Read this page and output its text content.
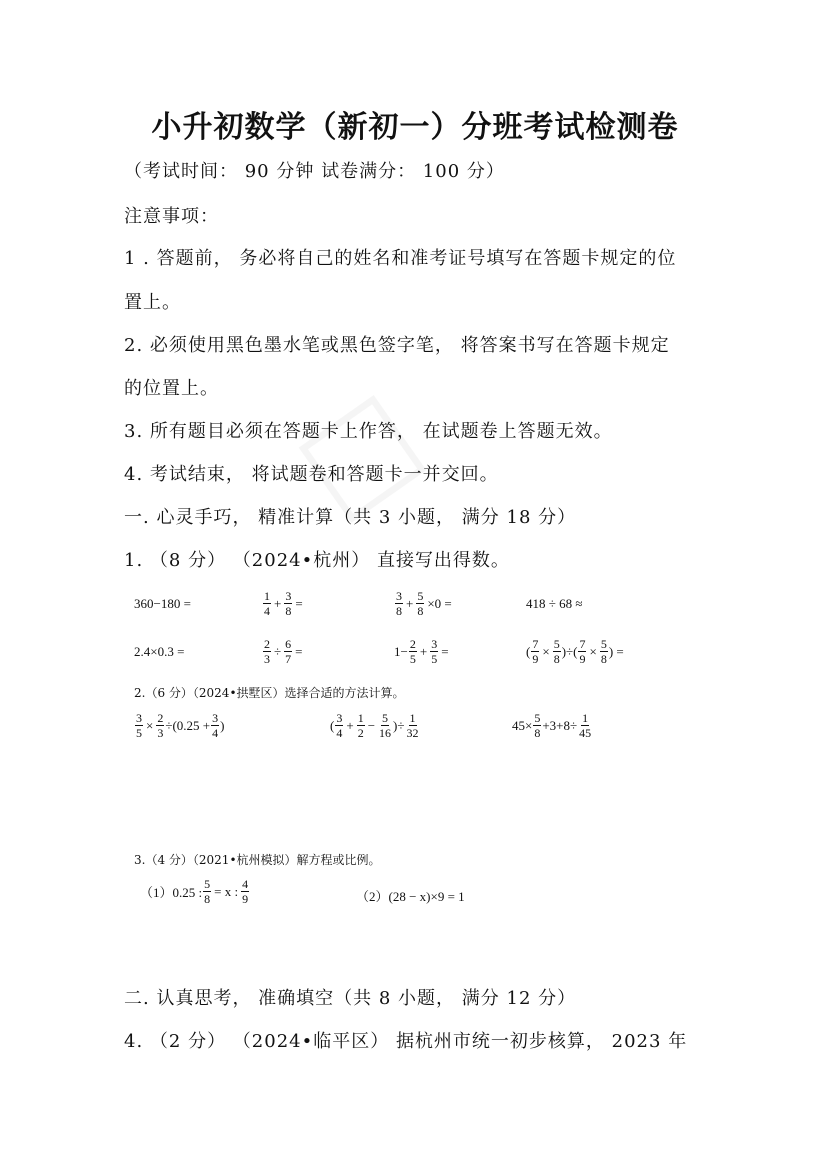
小升初数学（新初一）分班考试检测卷
（考试时间： 90 分钟 试卷满分： 100 分）
注意事项：
1 . 答题前， 务必将自己的姓名和准考证号填写在答题卡规定的位
置上。
2. 必须使用黑色墨水笔或黑色签字笔， 将答案书写在答题卡规定
的位置上。
3. 所有题目必须在答题卡上作答， 在试题卷上答题无效。
4. 考试结束， 将试题卷和答题卡一并交回。
一. 心灵手巧， 精准计算（共 3 小题， 满分 18 分）
1. （8 分） （2024•杭州） 直接写出得数。
360−180 =	$\frac{1}{4} + \frac{3}{8}$ =	$\frac{3}{8} + \frac{5}{8} \times 0$ =	418 ÷ 68 ≈
2.4×0.3 =	$\frac{2}{3} \div \frac{6}{7}$ =	$1- \frac{2}{5} + \frac{3}{5}$ =	( $\frac{7}{9} \times \frac{5}{8}$ )÷( $\frac{7}{9} \times \frac{5}{8}$ ) =
2.（6 分）（2024•拱墅区）选择合适的方法计算。
$\frac{3}{5} \times \frac{2}{3} \div(0.25 + \frac{3}{4}$ )	( $\frac{3}{4} + \frac{1}{2} - \frac{5}{16}$ )÷ $\frac{1}{32}$	$45\times \frac{5}{8} +3+8\div \frac{1}{45}$
3.（4 分）（2021•杭州模拟）解方程或比例。
（1）0.25 : $\frac{5}{8} = x$ : $\frac{4}{9}$	（2）(28 − x)×9 = 1
二. 认真思考， 准确填空（共 8 小题， 满分 12 分）
4. （2 分） （2024•临平区） 据杭州市统一初步核算， 2023 年
